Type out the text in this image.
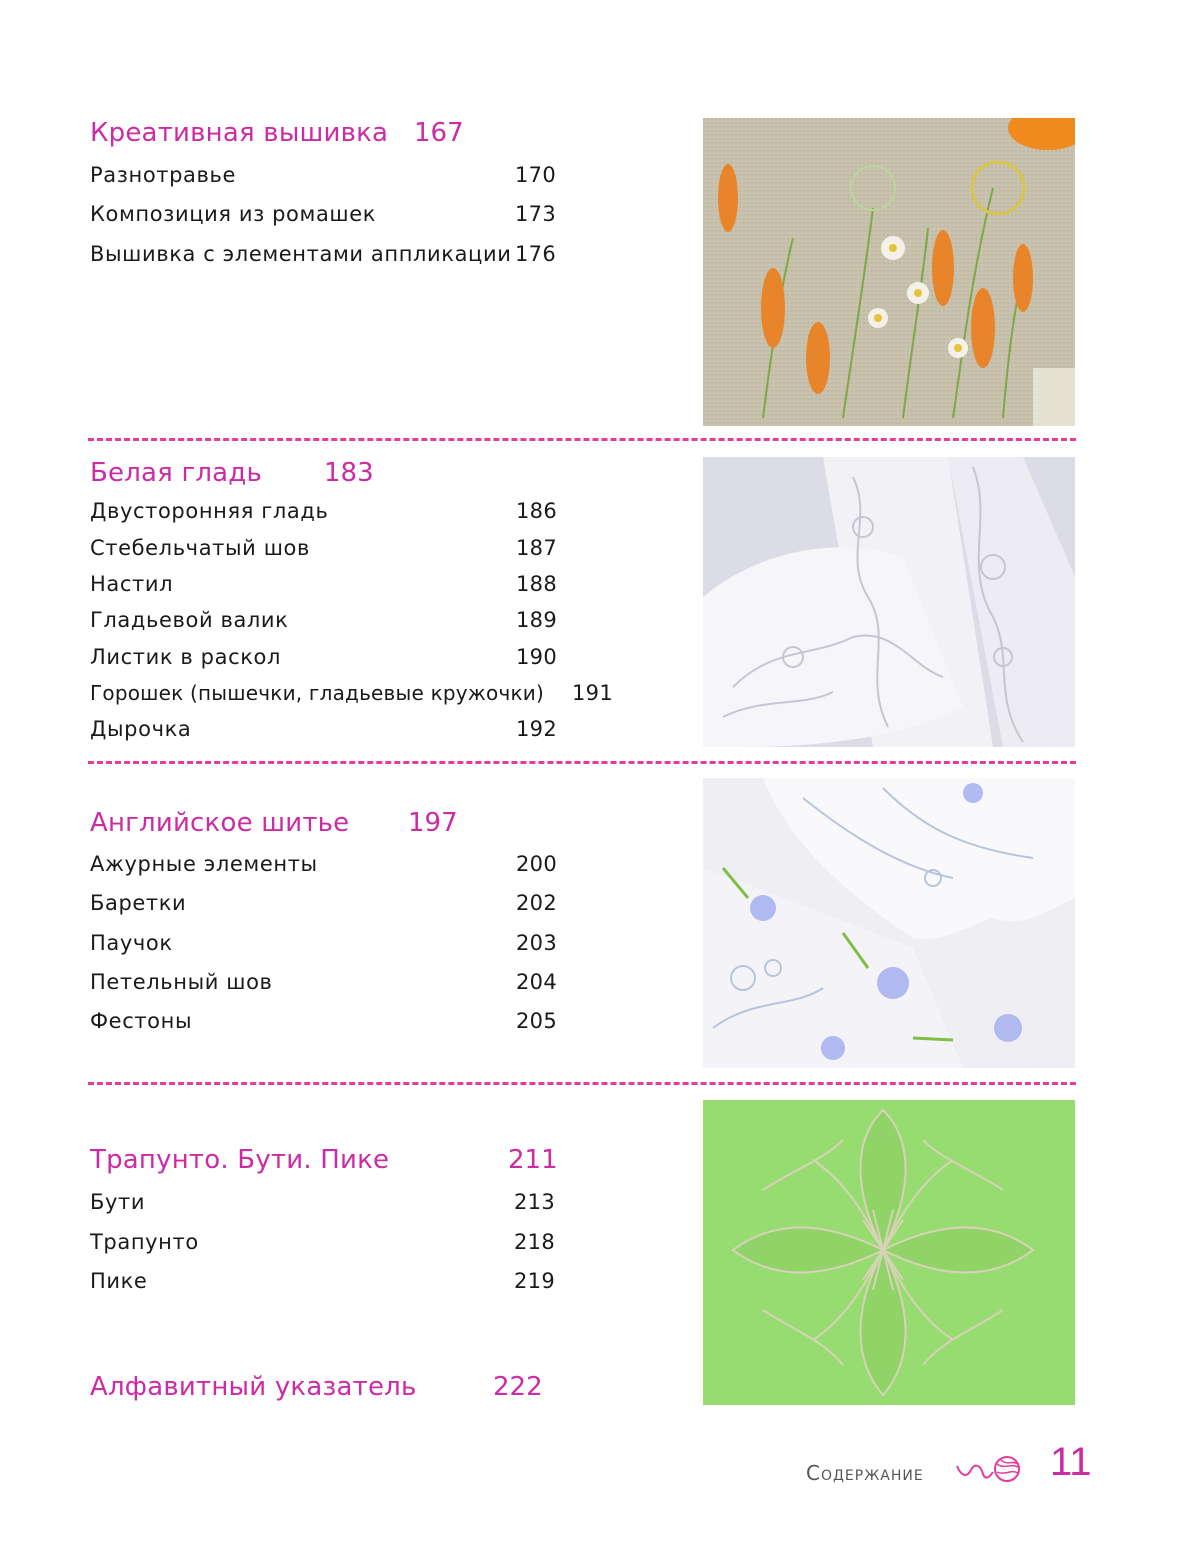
Креативная вышивка 167
Разнотравье	170
Композиция из ромашек	173
Вышивка с элементами аппликации 176
Белая гладь 183
Двусторонняя гладь	186
Стебельчатый шов	187
Настил	188
Гладьевой валик	189
Листик в раскол	190
Горошек (пышечки, гладьевые кружочки) 191
Дырочка	192
Английское шитье 197
Ажурные элементы	200
Баретки	202
Паучок	203
Петельный шов	204
Фестоны	205
Трапунто. Бути. Пике	211
Бути	213
Трапунто	218
Пике	219
Алфавитный указатель	222
Содержание	11
